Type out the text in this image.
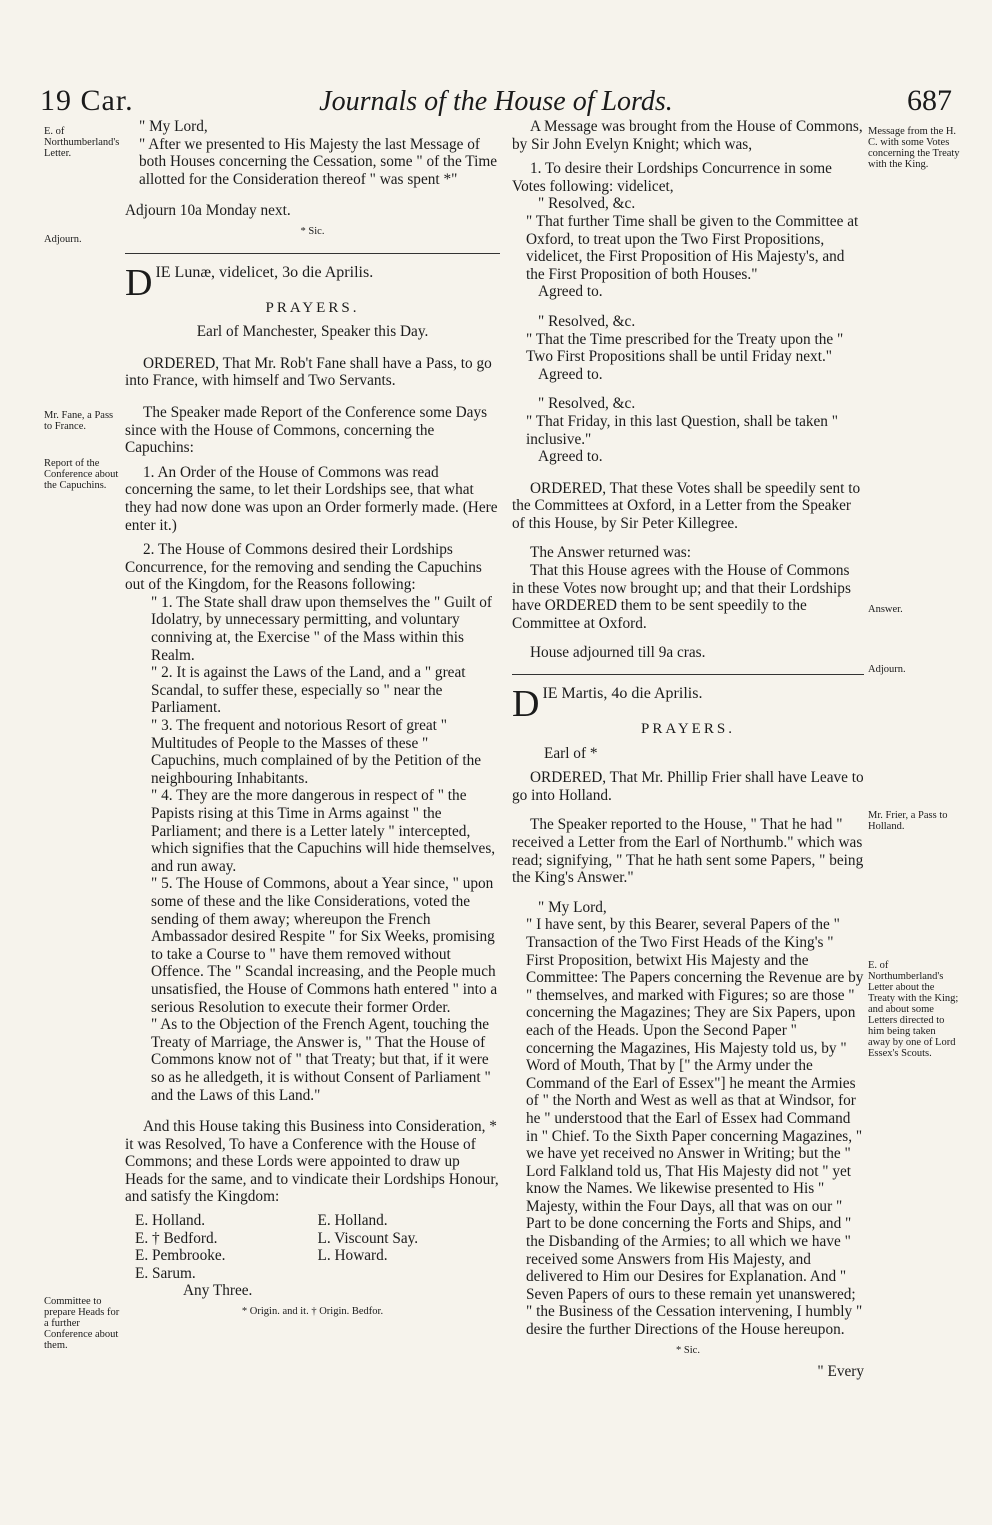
19 Car.	Journals of the House of Lords.	687
E. of Northumberland's Letter.
Adjourn.
Mr. Fane, a Pass to France.
Report of the Conference about the Capuchins.
Committee to prepare Heads for a further Conference about them.
Message from the H. C. with some Votes concerning the Treaty with the King.
Answer.
Adjourn.
Mr. Frier, a Pass to Holland.
E. of Northumberland's Letter about the Treaty with the King; and about some Letters directed to him being taken away by one of Lord Essex's Scouts.

" My Lord,

" After we presented to His Majesty the last Message of both Houses concerning the Cessation, some " of the Time allotted for the Consideration thereof " was spent *"

Adjourn 10a Monday next.

* Sic.

DIE Lunæ, videlicet, 3o die Aprilis.

PRAYERS.

Earl of Manchester, Speaker this Day.

ORDERED, That Mr. Rob't Fane shall have a Pass, to go into France, with himself and Two Servants.

The Speaker made Report of the Conference some Days since with the House of Commons, concerning the Capuchins:

1. An Order of the House of Commons was read concerning the same, to let their Lordships see, that what they had now done was upon an Order formerly made. (Here enter it.)

2. The House of Commons desired their Lordships Concurrence, for the removing and sending the Capuchins out of the Kingdom, for the Reasons following:

" 1. The State shall draw upon themselves the " Guilt of Idolatry, by unnecessary permitting, and voluntary conniving at, the Exercise " of the Mass within this Realm.

" 2. It is against the Laws of the Land, and a " great Scandal, to suffer these, especially so " near the Parliament.

" 3. The frequent and notorious Resort of great " Multitudes of People to the Masses of these " Capuchins, much complained of by the Petition of the neighbouring Inhabitants.

" 4. They are the more dangerous in respect of " the Papists rising at this Time in Arms against " the Parliament; and there is a Letter lately " intercepted, which signifies that the Capuchins will hide themselves, and run away.

" 5. The House of Commons, about a Year since, " upon some of these and the like Considerations, voted the sending of them away; whereupon the French Ambassador desired Respite " for Six Weeks, promising to take a Course to " have them removed without Offence. The " Scandal increasing, and the People much unsatisfied, the House of Commons hath entered " into a serious Resolution to execute their former Order.

" As to the Objection of the French Agent, touching the Treaty of Marriage, the Answer is, " That the House of Commons know not of " that Treaty; but that, if it were so as he alledgeth, it is without Consent of Parliament " and the Laws of this Land."

And this House taking this Business into Consideration, * it was Resolved, To have a Conference with the House of Commons; and these Lords were appointed to draw up Heads for the same, and to vindicate their Lordships Honour, and satisfy the Kingdom:

E. Holland.	E. Holland.
E. † Bedford.	L. Viscount Say.
E. Pembrooke.	L. Howard.
E. Sarum.

Any Three.

* Origin. and it. † Origin. Bedfor.

A Message was brought from the House of Commons, by Sir John Evelyn Knight; which was,

1. To desire their Lordships Concurrence in some Votes following: videlicet,

" Resolved, &c.

" That further Time shall be given to the Committee at Oxford, to treat upon the Two First Propositions, videlicet, the First Proposition of His Majesty's, and the First Proposition of both Houses."

Agreed to.

" Resolved, &c.

" That the Time prescribed for the Treaty upon the " Two First Propositions shall be until Friday next."

Agreed to.

" Resolved, &c.

" That Friday, in this last Question, shall be taken " inclusive."

Agreed to.

ORDERED, That these Votes shall be speedily sent to the Committees at Oxford, in a Letter from the Speaker of this House, by Sir Peter Killegree.

The Answer returned was:

That this House agrees with the House of Commons in these Votes now brought up; and that their Lordships have ORDERED them to be sent speedily to the Committee at Oxford.

House adjourned till 9a cras.

DIE Martis, 4o die Aprilis.

PRAYERS.

Earl of *

ORDERED, That Mr. Phillip Frier shall have Leave to go into Holland.

The Speaker reported to the House, " That he had " received a Letter from the Earl of Northumb." which was read; signifying, " That he hath sent some Papers, " being the King's Answer."

" My Lord,

" I have sent, by this Bearer, several Papers of the " Transaction of the Two First Heads of the King's " First Proposition, betwixt His Majesty and the Committee: The Papers concerning the Revenue are by " themselves, and marked with Figures; so are those " concerning the Magazines; They are Six Papers, upon each of the Heads. Upon the Second Paper " concerning the Magazines, His Majesty told us, by " Word of Mouth, That by [" the Army under the Command of the Earl of Essex"] he meant the Armies of " the North and West as well as that at Windsor, for he " understood that the Earl of Essex had Command in " Chief. To the Sixth Paper concerning Magazines, " we have yet received no Answer in Writing; but the " Lord Falkland told us, That His Majesty did not " yet know the Names. We likewise presented to His " Majesty, within the Four Days, all that was on our " Part to be done concerning the Forts and Ships, and " the Disbanding of the Armies; to all which we have " received some Answers from His Majesty, and delivered to Him our Desires for Explanation. And " Seven Papers of ours to these remain yet unanswered; " the Business of the Cessation intervening, I humbly " desire the further Directions of the House hereupon.

* Sic.

" Every
